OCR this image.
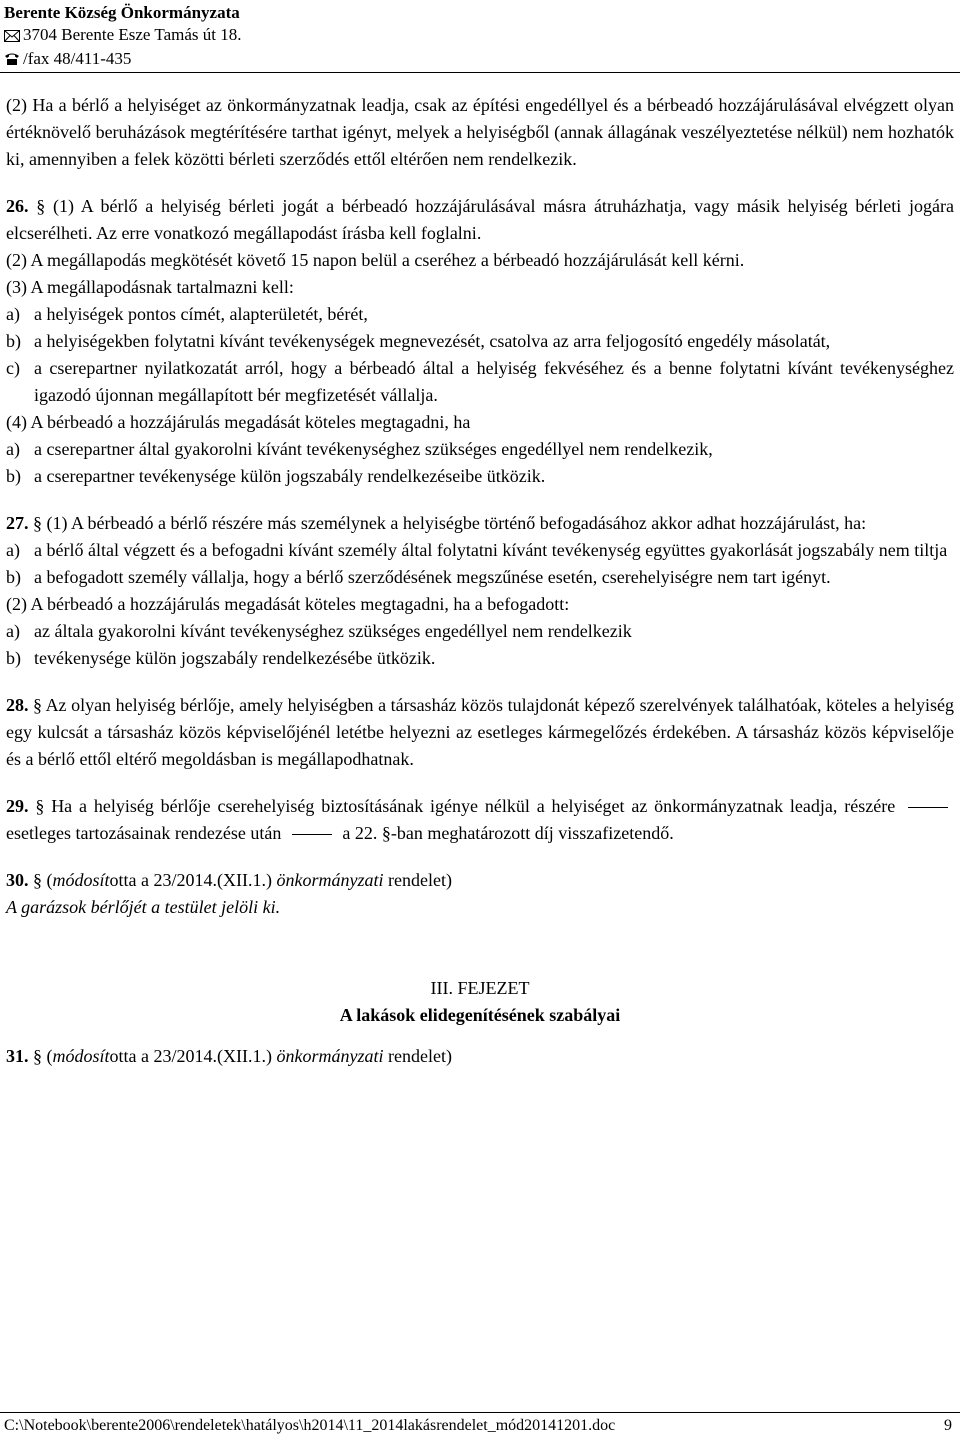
Berente Község Önkormányzata
3704 Berente Esze Tamás út 18.
/fax 48/411-435

(2) Ha a bérlő a helyiséget az önkormányzatnak leadja, csak az építési engedéllyel és a bérbeadó hozzájárulásával elvégzett olyan értéknövelő beruházások megtérítésére tarthat igényt, melyek a helyiségből (annak állagának veszélyeztetése nélkül) nem hozhatók ki, amennyiben a felek közötti bérleti szerződés ettől eltérően nem rendelkezik.

26. § (1) A bérlő a helyiség bérleti jogát a bérbeadó hozzájárulásával másra átruházhatja, vagy másik helyiség bérleti jogára elcserélheti. Az erre vonatkozó megállapodást írásba kell foglalni.

(2) A megállapodás megkötését követő 15 napon belül a cseréhez a bérbeadó hozzájárulását kell kérni.

(3) A megállapodásnak tartalmazni kell:

a) a helyiségek pontos címét, alapterületét, bérét,
b) a helyiségekben folytatni kívánt tevékenységek megnevezését, csatolva az arra feljogosító engedély másolatát,
c) a cserepartner nyilatkozatát arról, hogy a bérbeadó által a helyiség fekvéséhez és a benne folytatni kívánt tevékenységhez igazodó újonnan megállapított bér megfizetését vállalja.

(4) A bérbeadó a hozzájárulás megadását köteles megtagadni, ha

a) a cserepartner által gyakorolni kívánt tevékenységhez szükséges engedéllyel nem rendelkezik,
b) a cserepartner tevékenysége külön jogszabály rendelkezéseibe ütközik.

27. § (1) A bérbeadó a bérlő részére más személynek a helyiségbe történő befogadásához akkor adhat hozzájárulást, ha:

a) a bérlő által végzett és a befogadni kívánt személy által folytatni kívánt tevékenység együttes gyakorlását jogszabály nem tiltja
b) a befogadott személy vállalja, hogy a bérlő szerződésének megszűnése esetén, cserehelyiségre nem tart igényt.

(2) A bérbeadó a hozzájárulás megadását köteles megtagadni, ha a befogadott:

a) az általa gyakorolni kívánt tevékenységhez szükséges engedéllyel nem rendelkezik
b) tevékenysége külön jogszabály rendelkezésébe ütközik.

28. § Az olyan helyiség bérlője, amely helyiségben a társasház közös tulajdonát képező szerelvények találhatóak, köteles a helyiség egy kulcsát a társasház közös képviselőjénél letétbe helyezni az esetleges kármegelőzés érdekében. A társasház közös képviselője és a bérlő ettől eltérő megoldásban is megállapodhatnak.

29. § Ha a helyiség bérlője cserehelyiség biztosításának igénye nélkül a helyiséget az önkormányzatnak leadja, részére  esetleges tartozásainak rendezése után	a 22. §-ban meghatározott díj visszafizetendő.

30. § (módosította a 23/2014.(XII.1.) önkormányzati rendelet)

A garázsok bérlőjét a testület jelöli ki.

III. FEJEZET

A lakások elidegenítésének szabályai

31. § (módosította a 23/2014.(XII.1.) önkormányzati rendelet)

C:\Notebook\berente2006\rendeletek\hatályos\h2014\11_2014lakásrendelet_mód20141201.doc	9
